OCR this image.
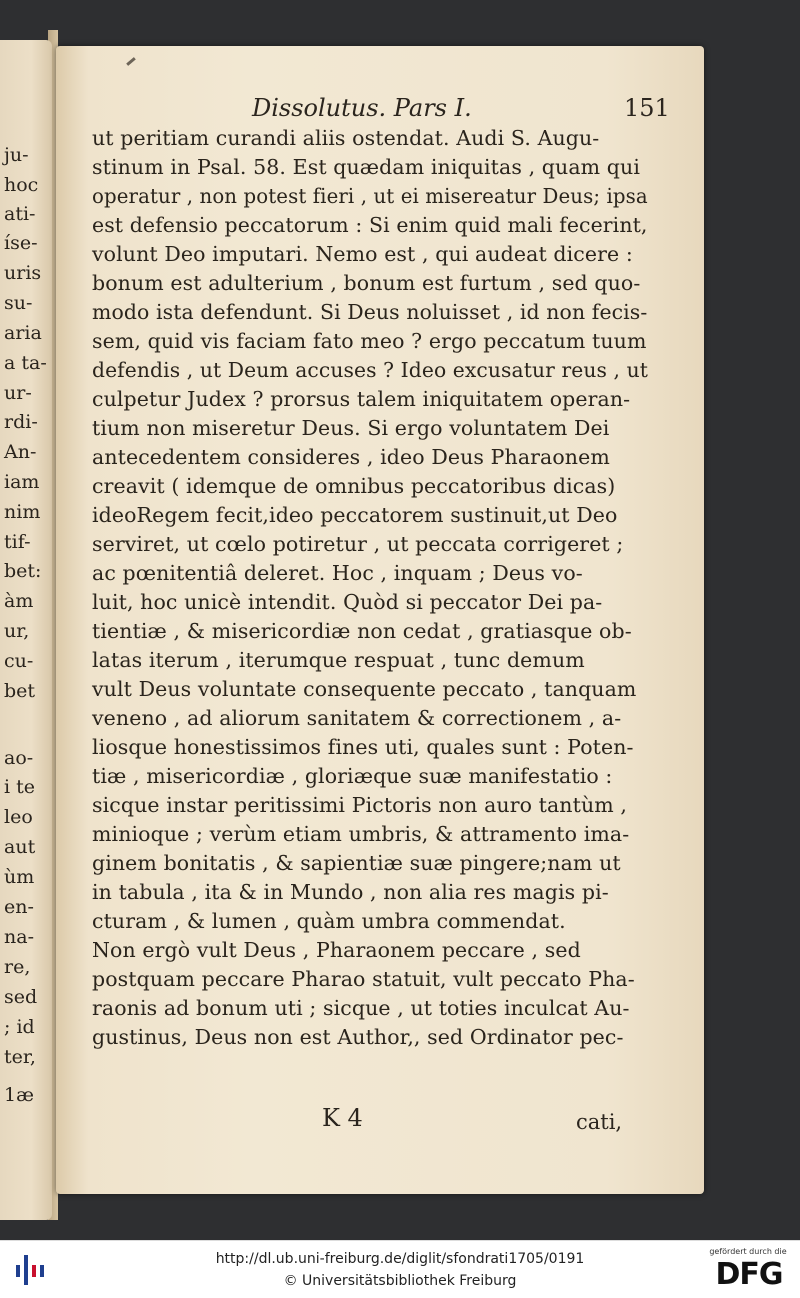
ju-
hoc
ati-
íse-
uris
su-
aria
a ta-
ur-
rdi-
An-
iam
nim
tif-
bet:
àm
ur,
cu-
bet
ao-
i te
leo
aut
ùm
en-
na-
re,
sed
; id
ter,
1æ
Dissolutus. Pars I.	151
ut peritiam curandi aliis ostendat. Audi S. Augu-
stinum in Psal. 58. Est quædam iniquitas , quam qui
operatur , non potest fieri , ut ei misereatur Deus; ipsa
est defensio peccatorum : Si enim quid mali fecerint,
volunt Deo imputari. Nemo est , qui audeat dicere :
bonum est adulterium , bonum est furtum , sed quo-
modo ista defendunt. Si Deus noluisset , id non fecis-
sem, quid vis faciam fato meo ? ergo peccatum tuum
defendis , ut Deum accuses ? Ideo excusatur reus , ut
culpetur Judex ? prorsus talem iniquitatem operan-
tium non miseretur Deus. Si ergo voluntatem Dei
antecedentem consideres , ideo Deus Pharaonem
creavit ( idemque de omnibus peccatoribus dicas)
ideoRegem fecit,ideo peccatorem sustinuit,ut Deo
serviret, ut cœlo potiretur , ut peccata corrigeret ;
ac pœnitentiâ deleret. Hoc , inquam ; Deus vo-
luit, hoc unicè intendit. Quòd si peccator Dei pa-
tientiæ , & misericordiæ non cedat , gratiasque ob-
latas iterum , iterumque respuat , tunc demum
vult Deus voluntate consequente peccato , tanquam
veneno , ad aliorum sanitatem & correctionem , a-
liosque honestissimos fines uti, quales sunt : Poten-
tiæ , misericordiæ , gloriæque suæ manifestatio :
sicque instar peritissimi Pictoris non auro tantùm ,
minioque ; verùm etiam umbris, & attramento ima-
ginem bonitatis , & sapientiæ suæ pingere;nam ut
in tabula , ita & in Mundo , non alia res magis pi-
cturam , & lumen , quàm umbra commendat.
Non ergò vult Deus , Pharaonem peccare , sed
postquam peccare Pharao statuit, vult peccato Pha-
raonis ad bonum uti ; sicque , ut toties inculcat Au-
gustinus, Deus non est Author,, sed Ordinator pec-
K 4	cati,
http://dl.ub.uni-freiburg.de/diglit/sfondrati1705/0191
© Universitätsbibliothek Freiburg
gefördert durch die
DFG
